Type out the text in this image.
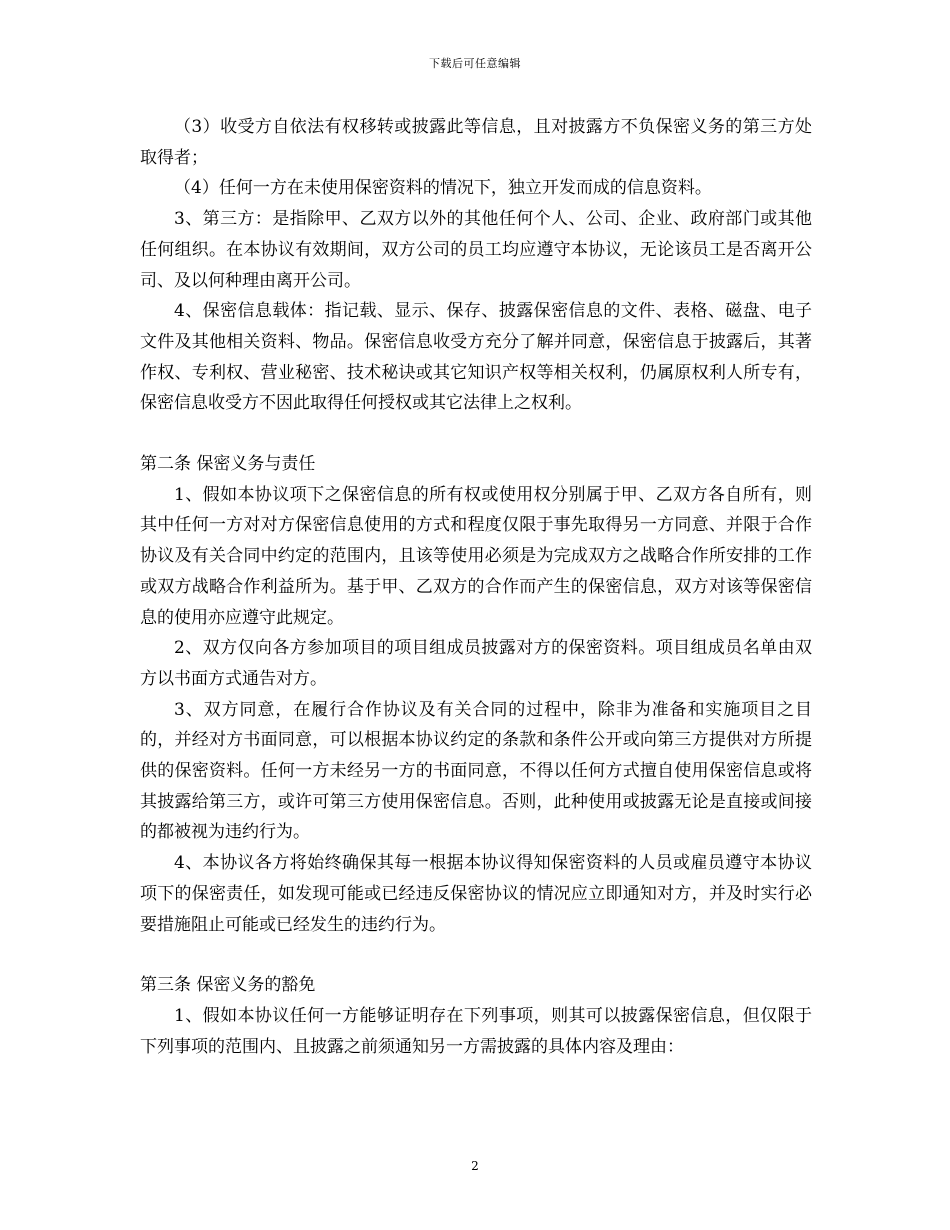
下载后可任意编辑

（3）收受方自依法有权移转或披露此等信息，且对披露方不负保密义务的第三方处取得者；

（4）任何一方在未使用保密资料的情况下，独立开发而成的信息资料。

3、第三方：是指除甲、乙双方以外的其他任何个人、公司、企业、政府部门或其他任何组织。在本协议有效期间，双方公司的员工均应遵守本协议，无论该员工是否离开公司、及以何种理由离开公司。

4、保密信息载体：指记载、显示、保存、披露保密信息的文件、表格、磁盘、电子文件及其他相关资料、物品。保密信息收受方充分了解并同意，保密信息于披露后，其著作权、专利权、营业秘密、技术秘诀或其它知识产权等相关权利，仍属原权利人所专有，保密信息收受方不因此取得任何授权或其它法律上之权利。

第二条 保密义务与责任

1、假如本协议项下之保密信息的所有权或使用权分别属于甲、乙双方各自所有，则其中任何一方对对方保密信息使用的方式和程度仅限于事先取得另一方同意、并限于合作协议及有关合同中约定的范围内，且该等使用必须是为完成双方之战略合作所安排的工作或双方战略合作利益所为。基于甲、乙双方的合作而产生的保密信息，双方对该等保密信息的使用亦应遵守此规定。

2、双方仅向各方参加项目的项目组成员披露对方的保密资料。项目组成员名单由双方以书面方式通告对方。

3、双方同意，在履行合作协议及有关合同的过程中，除非为准备和实施项目之目的，并经对方书面同意，可以根据本协议约定的条款和条件公开或向第三方提供对方所提供的保密资料。任何一方未经另一方的书面同意，不得以任何方式擅自使用保密信息或将其披露给第三方，或许可第三方使用保密信息。否则，此种使用或披露无论是直接或间接的都被视为违约行为。

4、本协议各方将始终确保其每一根据本协议得知保密资料的人员或雇员遵守本协议项下的保密责任，如发现可能或已经违反保密协议的情况应立即通知对方，并及时实行必要措施阻止可能或已经发生的违约行为。

第三条 保密义务的豁免

1、假如本协议任何一方能够证明存在下列事项，则其可以披露保密信息，但仅限于下列事项的范围内、且披露之前须通知另一方需披露的具体内容及理由：

2
